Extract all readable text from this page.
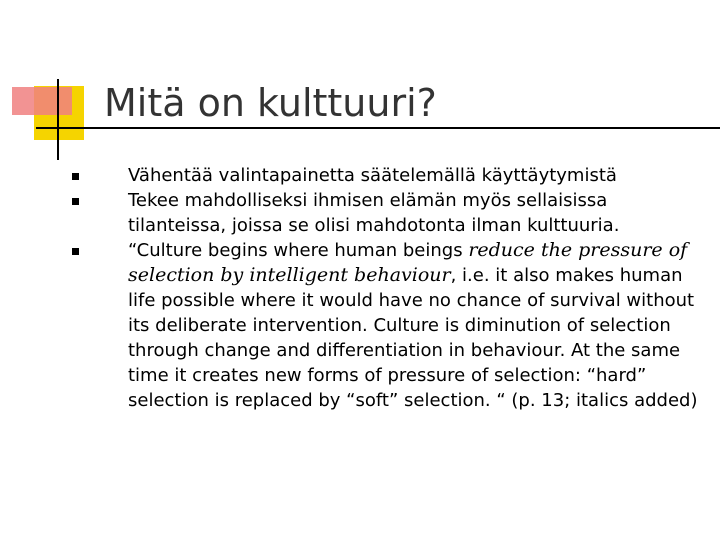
Mitä on kulttuuri?
Vähentää valintapainetta säätelemällä käyttäytymistä
Tekee mahdolliseksi ihmisen elämän myös sellaisissa tilanteissa, joissa se olisi mahdotonta ilman kulttuuria.
“Culture begins where human beings reduce the pressure of selection by intelligent behaviour, i.e. it also makes human life possible where it would have no chance of survival without its deliberate intervention. Culture is diminution of selection through change and differentiation in behaviour. At the same time it creates new forms of pressure of selection: “hard” selection is replaced by “soft” selection. “ (p. 13; italics added)
